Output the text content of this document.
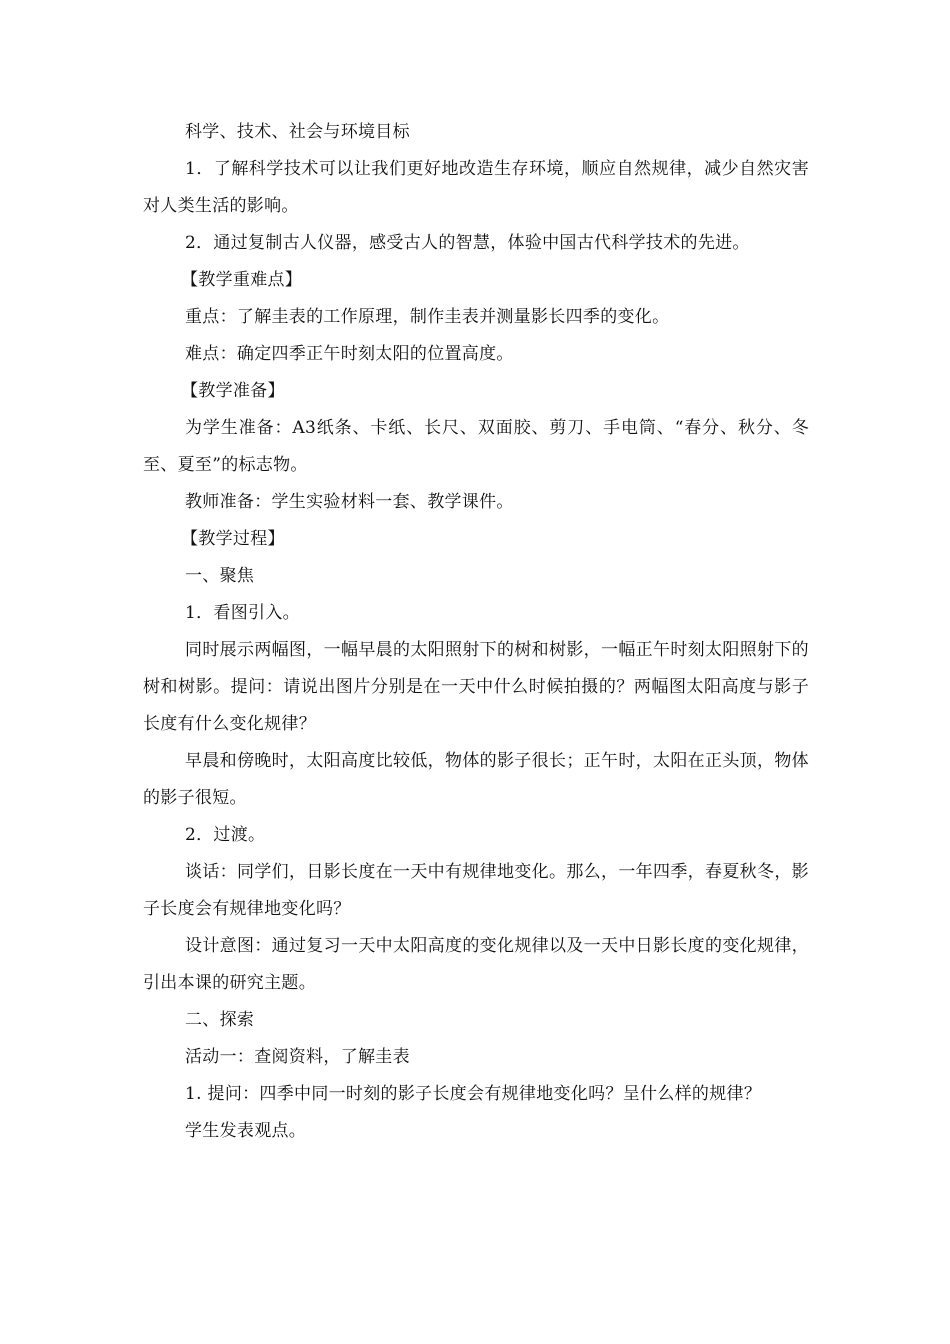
科学、技术、社会与环境目标

1．了解科学技术可以让我们更好地改造生存环境，顺应自然规律，减少自然灾害对人类生活的影响。

2．通过复制古人仪器，感受古人的智慧，体验中国古代科学技术的先进。

【教学重难点】

重点：了解圭表的工作原理，制作圭表并测量影长四季的变化。

难点：确定四季正午时刻太阳的位置高度。

【教学准备】

为学生准备：A3纸条、卡纸、长尺、双面胶、剪刀、手电筒、“春分、秋分、冬至、夏至”的标志物。

教师准备：学生实验材料一套、教学课件。

【教学过程】

一、聚焦

1．看图引入。

同时展示两幅图，一幅早晨的太阳照射下的树和树影，一幅正午时刻太阳照射下的树和树影。提问：请说出图片分别是在一天中什么时候拍摄的？两幅图太阳高度与影子长度有什么变化规律？

早晨和傍晚时，太阳高度比较低，物体的影子很长；正午时，太阳在正头顶，物体的影子很短。

2．过渡。

谈话：同学们，日影长度在一天中有规律地变化。那么，一年四季，春夏秋冬，影子长度会有规律地变化吗？

设计意图：通过复习一天中太阳高度的变化规律以及一天中日影长度的变化规律，引出本课的研究主题。

二、探索

活动一：查阅资料，了解圭表

1. 提问：四季中同一时刻的影子长度会有规律地变化吗？呈什么样的规律？

学生发表观点。
